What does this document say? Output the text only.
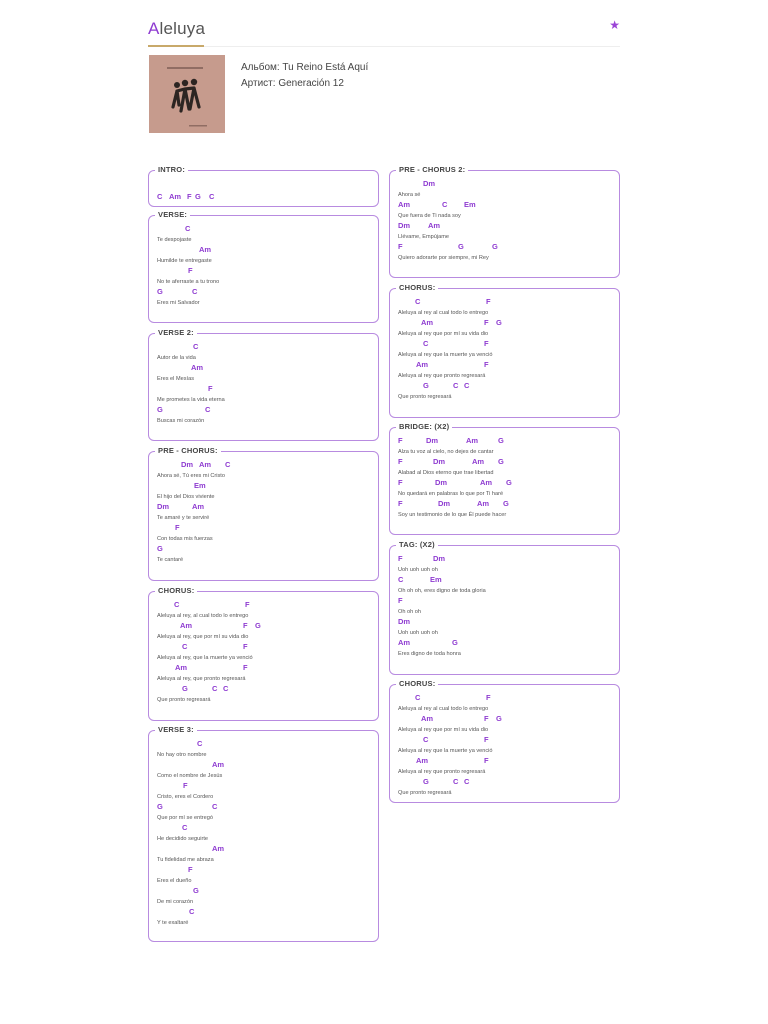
Aleluya	★
Альбом: Tu Reino Está Aquí
Артист: Generación 12
INTRO:
C Am F G C
VERSE:
C
Te despojaste
Am
Humilde te entregaste
F
No te aferraste a tu trono
G	C
Eres mi Salvador
VERSE 2:
C
Autor de la vida
Am
Eres el Mesías
F
Me prometes la vida eterna
G	C
Buscas mi corazón
PRE - CHORUS:
Dm Am C
Ahora sé, Tú eres mi Cristo
Em
El hijo del Dios viviente
Dm	Am
Te amaré y te serviré
F
Con todas mis fuerzas
G
Te cantaré
CHORUS:
C	F
Aleluya al rey, al cual todo lo entrego
Am	F G
Aleluya al rey, que por mí su vida dio
C	F
Aleluya al rey, que la muerte ya venció
Am	F
Aleluya al rey, que pronto regresará
G	C C
Que pronto regresará
VERSE 3:
C
No hay otro nombre
Am
Como el nombre de Jesús
F
Cristo, eres el Cordero
G	C
Que por mí se entregó
C
He decidido seguirte
Am
Tu fidelidad me abraza
F
Eres el dueño
G
De mi corazón
C
Y te exaltaré
PRE - CHORUS 2:
Dm
Ahora sé
Am	C Em
Que fuera de Ti nada soy
Dm Am
Llévame, Empújame
F	G	G
Quiero adorarte por siempre, mi Rey
CHORUS:
C	F
Aleluya al rey al cual todo lo entrego
Am	F G
Aleluya al rey que por mí su vida dio
C	F
Aleluya al rey que la muerte ya venció
Am	F
Aleluya al rey que pronto regresará
G	C C
Que pronto regresará
BRIDGE: (X2)
F	Dm	Am	G
Alza tu voz al cielo, no dejes de cantar
F	Dm	Am G
Alabad al Dios eterno que trae libertad
F	Dm	Am G
No quedará en palabras lo que por Ti haré
F	Dm	Am G
Soy un testimonio de lo que Él puede hacer
TAG: (X2)
F	Dm
Uoh uoh uoh oh
C	Em
Oh oh oh, eres digno de toda gloria
F
Oh oh oh
Dm
Uoh uoh uoh oh
Am	G
Eres digno de toda honra
CHORUS:
C	F
Aleluya al rey al cual todo lo entrego
Am	F G
Aleluya al rey que por mí su vida dio
C	F
Aleluya al rey que la muerte ya venció
Am	F
Aleluya al rey que pronto regresará
G	C C
Que pronto regresará
